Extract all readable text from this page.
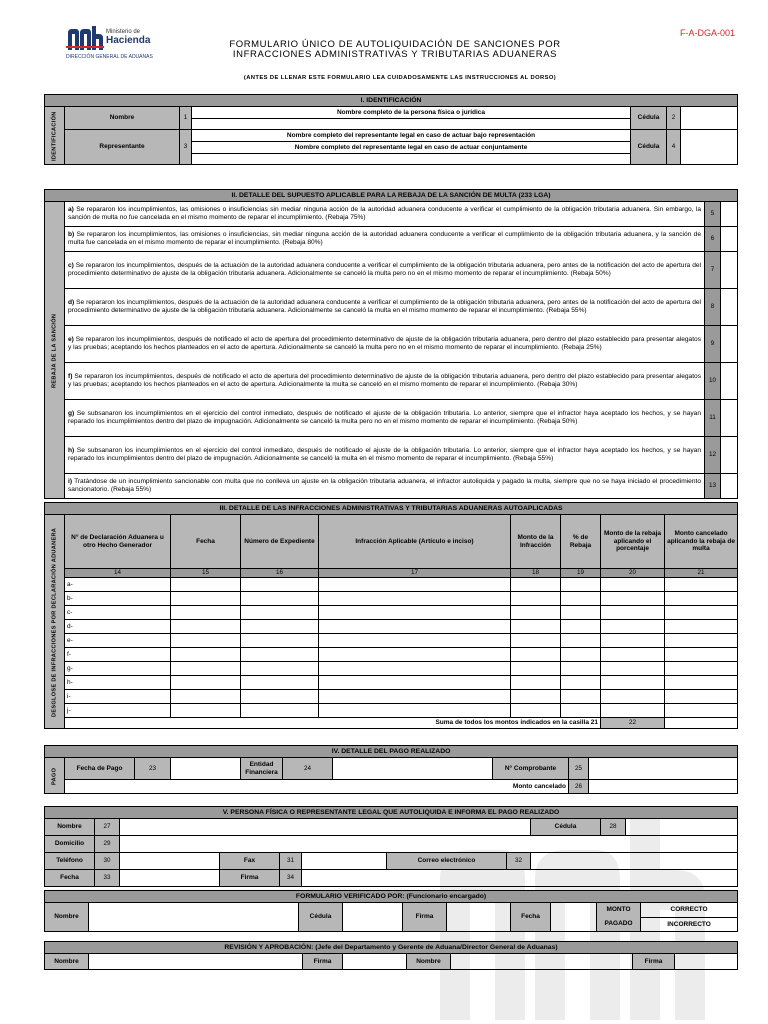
Ministerio de
Hacienda
DIRECCIÓN GENERAL DE ADUANAS
F-A-DGA-001
FORMULARIO ÚNICO DE AUTOLIQUIDACIÓN DE SANCIONES POR
INFRACCIONES ADMINISTRATIVAS Y TRIBUTARIAS ADUANERAS
(ANTES DE LLENAR ESTE FORMULARIO LEA CUIDADOSAMENTE LAS INSTRUCCIONES AL DORSO)
I. IDENTIFICACIÓN						
IDENTIFICACIÓN	Nombre	1	Nombre completo de la persona física o jurídica	Cédula	2	

	Representante	3	Nombre completo del representante legal en caso de actuar bajo representación	Cédula	4	
			Nombre completo del representante legal en caso de actuar conjuntamente			

II. DETALLE DEL SUPUESTO APLICABLE PARA LA REBAJA DE LA SANCIÓN DE MULTA (233 LGA)			
REBAJA DE LA SANCIÓN	a) Se repararon los incumplimientos, las omisiones o insuficiencias sin mediar ninguna acción de la autoridad aduanera conducente a verificar el cumplimiento de la obligación tributaria aduanera. Sin embargo, la sanción de multa no fue cancelada en el mismo momento de reparar el incumplimiento. (Rebaja 75%)	5	
	b) Se repararon los incumplimientos, las omisiones o insuficiencias, sin mediar ninguna acción de la autoridad aduanera conducente a verificar el cumplimiento de la obligación tributaria aduanera, y la sanción de multa fue cancelada en el mismo momento de reparar el incumplimiento. (Rebaja 80%)	6	
	c) Se repararon los incumplimientos, después de la actuación de la autoridad aduanera conducente a verificar el cumplimiento de la obligación tributaria aduanera, pero antes de la notificación del acto de apertura del procedimiento determinativo de ajuste de la obligación tributaria aduanera. Adicionalmente se canceló la multa pero no en el mismo momento de reparar el incumplimiento. (Rebaja 50%)	7	
	d) Se repararon los incumplimientos, después de la actuación de la autoridad aduanera conducente a verificar el cumplimiento de la obligación tributaria aduanera, pero antes de la notificación del acto de apertura del procedimiento determinativo de ajuste de la obligación tributaria aduanera. Adicionalmente se canceló la multa en el mismo momento de reparar el incumplimiento. (Rebaja 55%)	8	
	e) Se repararon los incumplimientos, después de notificado el acto de apertura del procedimiento determinativo de ajuste de la obligación tributaria aduanera, pero dentro del plazo establecido para presentar alegatos y las pruebas; aceptando los hechos planteados en el acto de apertura. Adicionalmente se canceló la multa pero no en el mismo momento de reparar el incumplimiento. (Rebaja 25%)	9	
	f) Se repararon los incumplimientos, después de notificado el acto de apertura del procedimiento determinativo de ajuste de la obligación tributaria aduanera, pero dentro del plazo establecido para presentar alegatos y las pruebas; aceptando los hechos planteados en el acto de apertura. Adicionalmente la multa se canceló en el mismo momento de reparar el incumplimiento. (Rebaja 30%)	10	
	g) Se subsanaron los incumplimientos en el ejercicio del control inmediato, después de notificado el ajuste de la obligación tributaria. Lo anterior, siempre que el infractor haya aceptado los hechos, y se hayan reparado los incumplimientos dentro del plazo de impugnación. Adicionalmente se canceló la multa pero no en el mismo momento de reparar el incumplimiento. (Rebaja 50%)	11	
	h) Se subsanaron los incumplimientos en el ejercicio del control inmediato, después de notificado el ajuste de la obligación tributaria. Lo anterior, siempre que el infractor haya aceptado los hechos, y se hayan reparado los incumplimientos dentro del plazo de impugnación. Adicionalmente se canceló la multa en el mismo momento de reparar el incumplimiento. (Rebaja 55%)	12	
	i) Tratándose de un incumplimiento sancionable con multa que no conlleva un ajuste en la obligación tributaria aduanera, el infractor autoliquida y pagado la multa, siempre que no se haya iniciado el procedimiento sancionatorio. (Rebaja 55%)	13	
III. DETALLE DE LAS INFRACCIONES ADMINISTRATIVAS Y TRIBUTARIAS ADUANERAS AUTOAPLICADAS								
DESGLOSE DE INFRACCIONES POR DECLARACIÓN ADUANERA	N° de Declaración Aduanera u otro Hecho Generador	Fecha	Número de Expediente	Infracción Aplicable (Artículo e inciso)	Monto de la Infracción	% de Rebaja	Monto de la rebaja aplicando el porcentaje	Monto cancelado aplicando la rebaja de multa
	14	15	16	17	18	19	20	21
	a-							
	b-							
	c-							
	d-							
	e-							
	f-							
	g-							
	h-							
	i-							
	j-							
	Suma de todos los montos indicados en la casilla 21						22	
IV. DETALLE DEL PAGO REALIZADO									
PAGO	Fecha de Pago	23		Entidad Financiera	24		N° Comprobante	25	
	Monto cancelado							26	
V. PERSONA FÍSICA O REPRESENTANTE LEGAL QUE AUTOLIQUIDA E INFORMA EL PAGO REALIZADO										
Nombre	27							Cédula	28	
Domicilio	29									
Teléfono	30		Fax	31		Correo electrónico	32			
Fecha	33		Firma	34						
FORMULARIO VERIFICADO POR: (Funcionario encargado)
Nombre		Cédula		Firma		Fecha		MONTO
PAGADO	CORRECTO
INCORRECTO
REVISIÓN Y APROBACIÓN: (Jefe del Departamento y Gerente de Aduana/Director General de Aduanas)
Nombre		Firma		Nombre		Firma	
